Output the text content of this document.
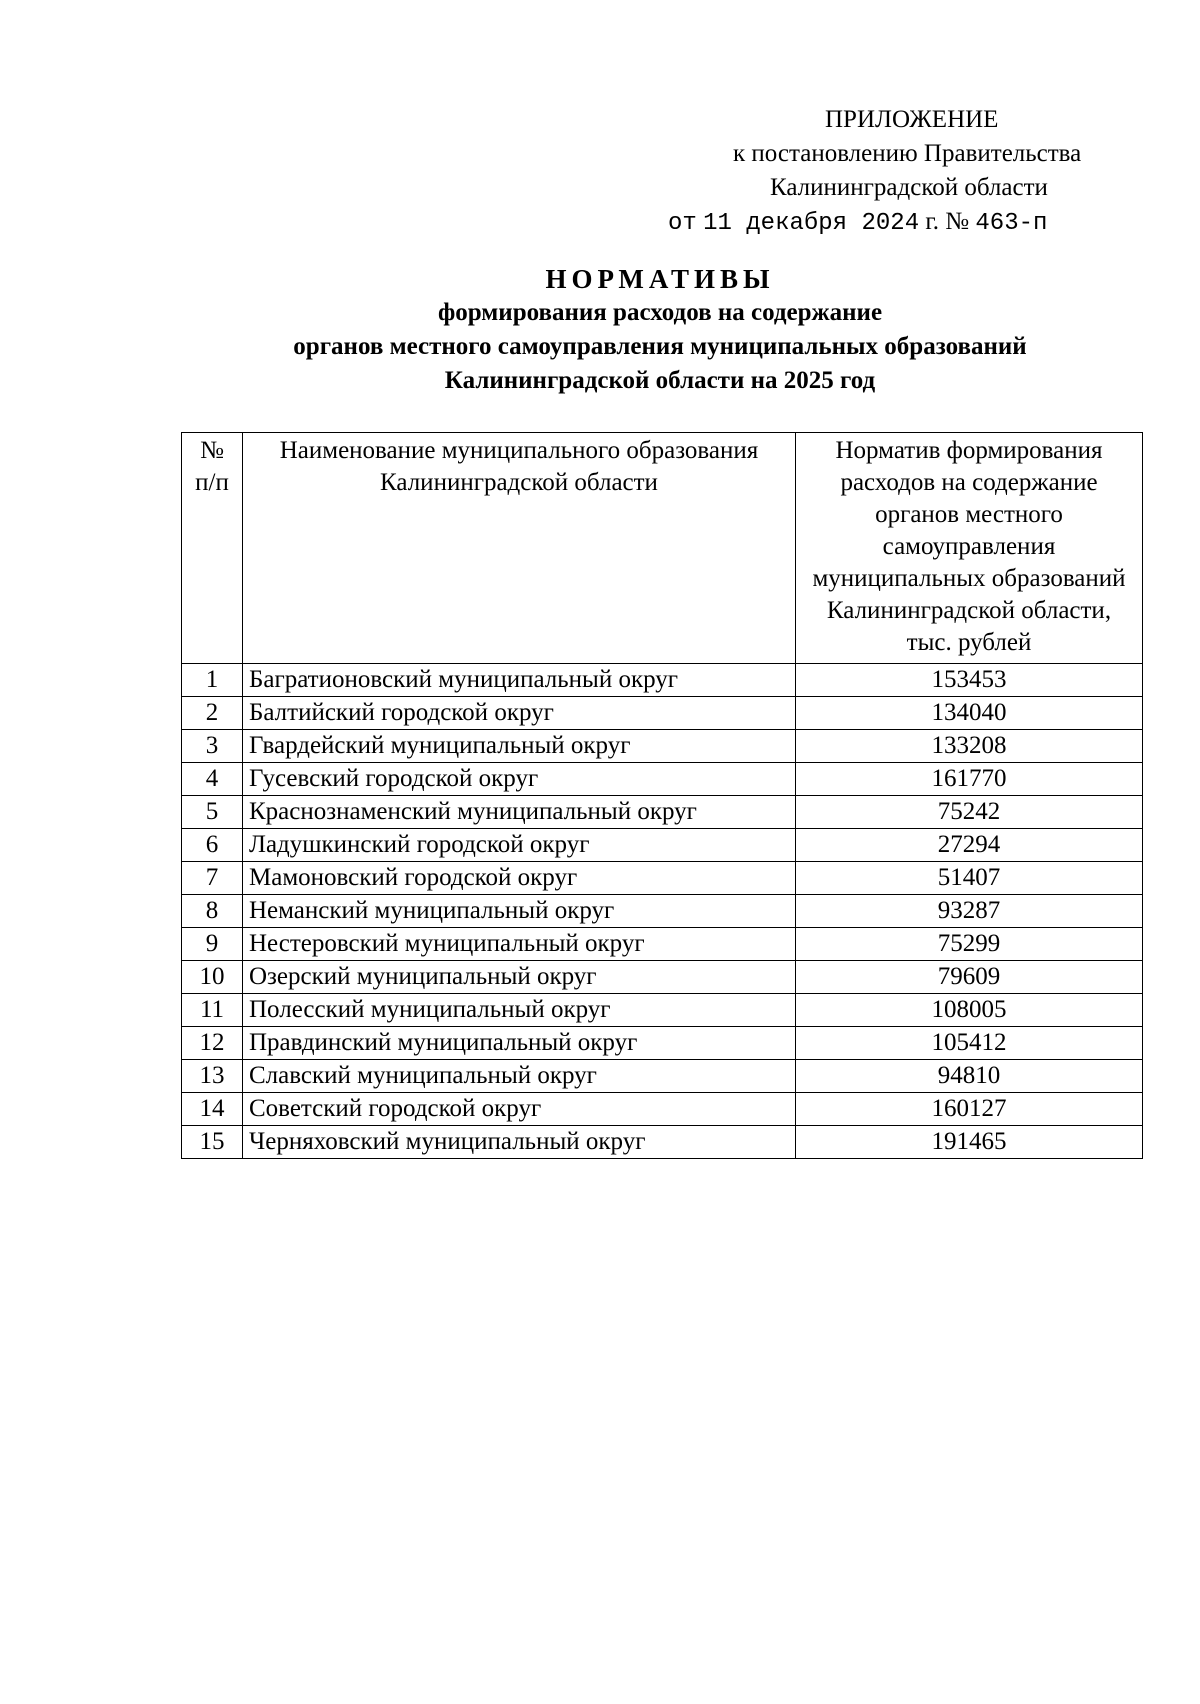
ПРИЛОЖЕНИЕ
к постановлению Правительства
Калининградской области
от 11 декабря 2024 г. № 463-п
НОРМАТИВЫ
формирования расходов на содержание
органов местного самоуправления муниципальных образований
Калининградской области на 2025 год
№ п/п	Наименование муниципального образования Калининградской области	Норматив формирования расходов на содержание органов местного самоуправления муниципальных образований Калининградской области, тыс. рублей
1	Багратионовский муниципальный округ	153453
2	Балтийский городской округ	134040
3	Гвардейский муниципальный округ	133208
4	Гусевский городской округ	161770
5	Краснознаменский муниципальный округ	75242
6	Ладушкинский городской округ	27294
7	Мамоновский городской округ	51407
8	Неманский муниципальный округ	93287
9	Нестеровский муниципальный округ	75299
10	Озерский муниципальный округ	79609
11	Полесский муниципальный округ	108005
12	Правдинский муниципальный округ	105412
13	Славский муниципальный округ	94810
14	Советский городской округ	160127
15	Черняховский муниципальный округ	191465
